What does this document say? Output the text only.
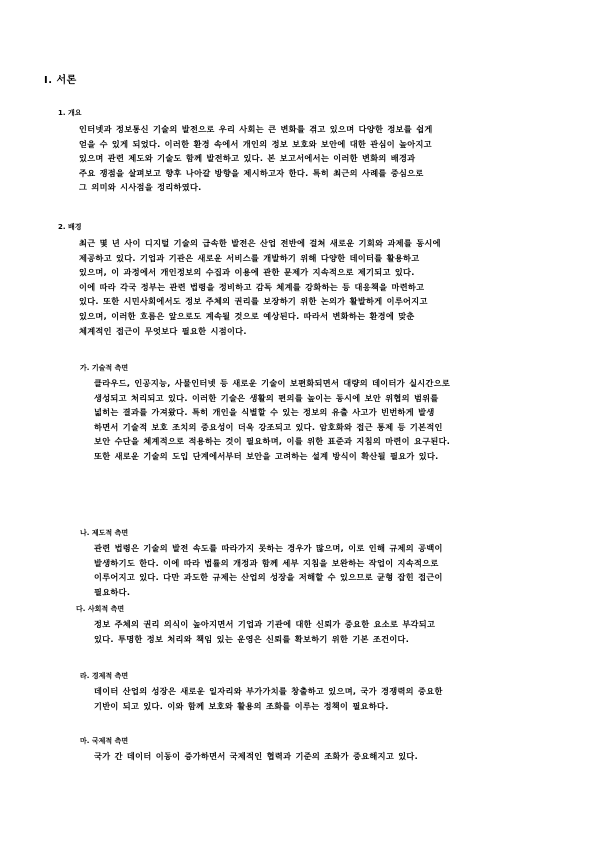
Ⅰ. 서론
1. 개요

인터넷과 정보통신 기술의 발전으로 우리 사회는 큰 변화를 겪고 있으며 다양한 정보를 쉽게
얻을 수 있게 되었다. 이러한 환경 속에서 개인의 정보 보호와 보안에 대한 관심이 높아지고
있으며 관련 제도와 기술도 함께 발전하고 있다. 본 보고서에서는 이러한 변화의 배경과
주요 쟁점을 살펴보고 향후 나아갈 방향을 제시하고자 한다. 특히 최근의 사례를 중심으로
그 의미와 시사점을 정리하였다.

2. 배경

최근 몇 년 사이 디지털 기술의 급속한 발전은 산업 전반에 걸쳐 새로운 기회와 과제를 동시에
제공하고 있다. 기업과 기관은 새로운 서비스를 개발하기 위해 다양한 데이터를 활용하고
있으며, 이 과정에서 개인정보의 수집과 이용에 관한 문제가 지속적으로 제기되고 있다.
이에 따라 각국 정부는 관련 법령을 정비하고 감독 체계를 강화하는 등 대응책을 마련하고
있다. 또한 시민사회에서도 정보 주체의 권리를 보장하기 위한 논의가 활발하게 이루어지고
있으며, 이러한 흐름은 앞으로도 계속될 것으로 예상된다. 따라서 변화하는 환경에 맞춘
체계적인 접근이 무엇보다 필요한 시점이다.

가. 기술적 측면

클라우드, 인공지능, 사물인터넷 등 새로운 기술이 보편화되면서 대량의 데이터가 실시간으로
생성되고 처리되고 있다. 이러한 기술은 생활의 편의를 높이는 동시에 보안 위협의 범위를
넓히는 결과를 가져왔다. 특히 개인을 식별할 수 있는 정보의 유출 사고가 빈번하게 발생
하면서 기술적 보호 조치의 중요성이 더욱 강조되고 있다. 암호화와 접근 통제 등 기본적인
보안 수단을 체계적으로 적용하는 것이 필요하며, 이를 위한 표준과 지침의 마련이 요구된다.
또한 새로운 기술의 도입 단계에서부터 보안을 고려하는 설계 방식이 확산될 필요가 있다.

나. 제도적 측면

관련 법령은 기술의 발전 속도를 따라가지 못하는 경우가 많으며, 이로 인해 규제의 공백이
발생하기도 한다. 이에 따라 법률의 개정과 함께 세부 지침을 보완하는 작업이 지속적으로
이루어지고 있다. 다만 과도한 규제는 산업의 성장을 저해할 수 있으므로 균형 잡힌 접근이
필요하다.

다. 사회적 측면

정보 주체의 권리 의식이 높아지면서 기업과 기관에 대한 신뢰가 중요한 요소로 부각되고
있다. 투명한 정보 처리와 책임 있는 운영은 신뢰를 확보하기 위한 기본 조건이다.

라. 경제적 측면

데이터 산업의 성장은 새로운 일자리와 부가가치를 창출하고 있으며, 국가 경쟁력의 중요한
기반이 되고 있다. 이와 함께 보호와 활용의 조화를 이루는 정책이 필요하다.

마. 국제적 측면

국가 간 데이터 이동이 증가하면서 국제적인 협력과 기준의 조화가 중요해지고 있다.
